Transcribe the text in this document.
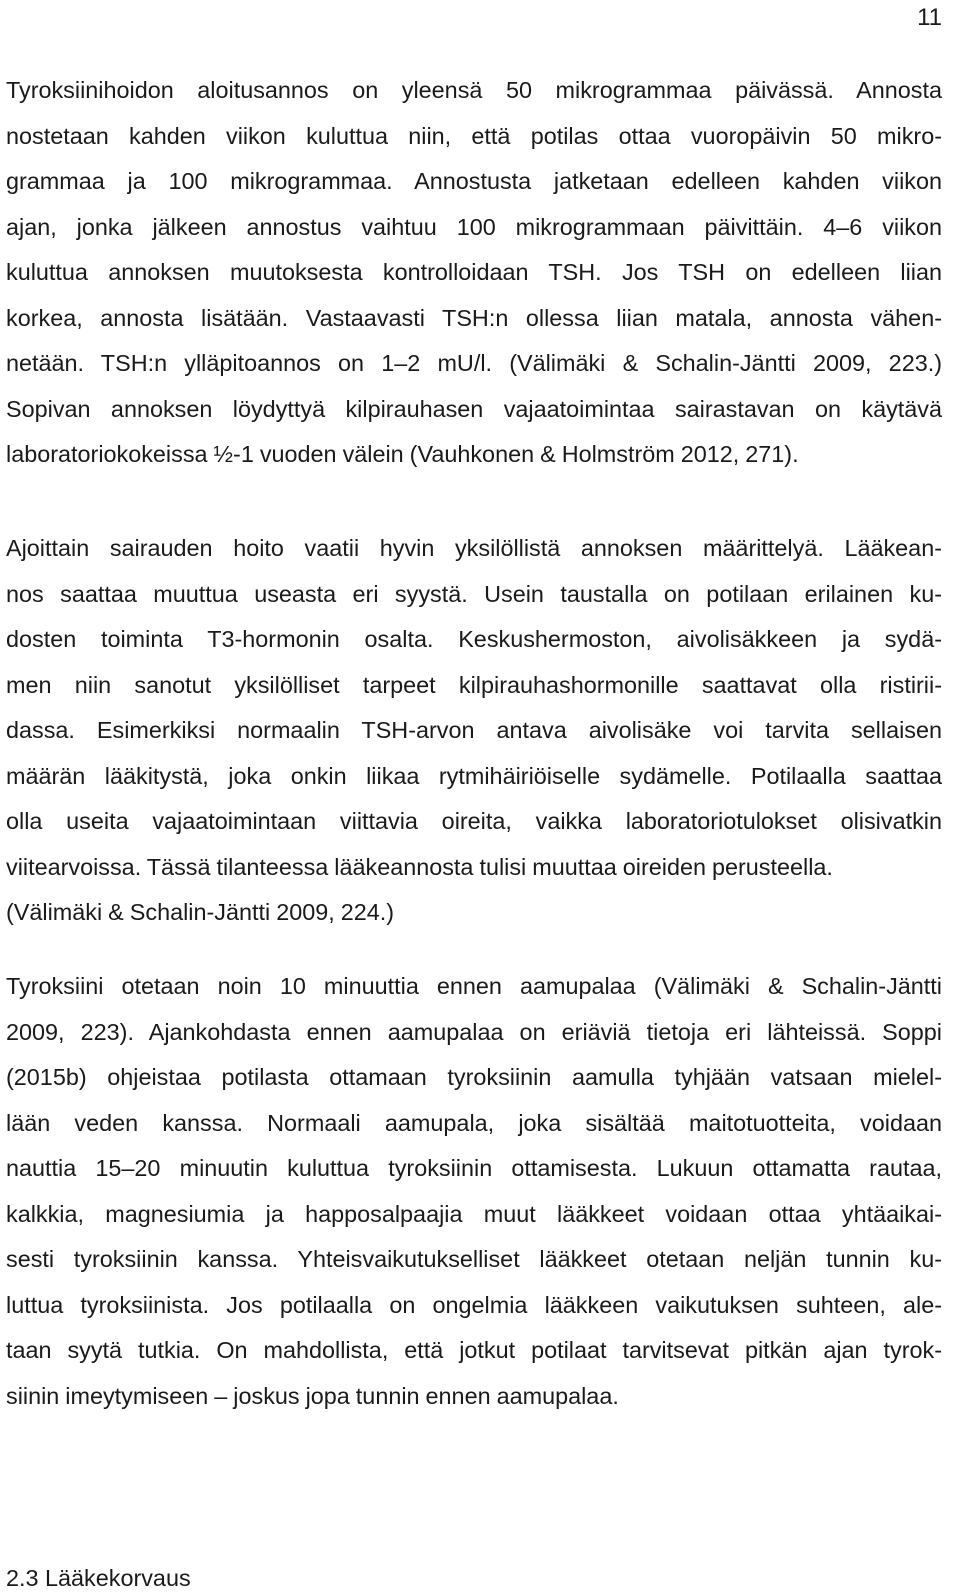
11
Tyroksiinihoidon aloitusannos on yleensä 50 mikrogrammaa päivässä. Annosta
nostetaan kahden viikon kuluttua niin, että potilas ottaa vuoropäivin 50 mikro-
grammaa ja 100 mikrogrammaa. Annostusta jatketaan edelleen kahden viikon
ajan, jonka jälkeen annostus vaihtuu 100 mikrogrammaan päivittäin. 4–6 viikon
kuluttua annoksen muutoksesta kontrolloidaan TSH. Jos TSH on edelleen liian
korkea, annosta lisätään. Vastaavasti TSH:n ollessa liian matala, annosta vähen-
netään. TSH:n ylläpitoannos on 1–2 mU/l. (Välimäki & Schalin-Jäntti 2009, 223.)
Sopivan annoksen löydyttyä kilpirauhasen vajaatoimintaa sairastavan on käytävä
laboratoriokokeissa ½-1 vuoden välein (Vauhkonen & Holmström 2012, 271).
Ajoittain sairauden hoito vaatii hyvin yksilöllistä annoksen määrittelyä. Lääkean-
nos saattaa muuttua useasta eri syystä. Usein taustalla on potilaan erilainen ku-
dosten toiminta T3-hormonin osalta. Keskushermoston, aivolisäkkeen ja sydä-
men niin sanotut yksilölliset tarpeet kilpirauhashormonille saattavat olla ristirii-
dassa. Esimerkiksi normaalin TSH-arvon antava aivolisäke voi tarvita sellaisen
määrän lääkitystä, joka onkin liikaa rytmihäiriöiselle sydämelle. Potilaalla saattaa
olla useita vajaatoimintaan viittavia oireita, vaikka laboratoriotulokset olisivatkin
viitearvoissa. Tässä tilanteessa lääkeannosta tulisi muuttaa oireiden perusteella.
(Välimäki & Schalin-Jäntti 2009, 224.)
Tyroksiini otetaan noin 10 minuuttia ennen aamupalaa (Välimäki & Schalin-Jäntti
2009, 223). Ajankohdasta ennen aamupalaa on eriäviä tietoja eri lähteissä. Soppi
(2015b) ohjeistaa potilasta ottamaan tyroksiinin aamulla tyhjään vatsaan mielel-
lään veden kanssa. Normaali aamupala, joka sisältää maitotuotteita, voidaan
nauttia 15–20 minuutin kuluttua tyroksiinin ottamisesta. Lukuun ottamatta rautaa,
kalkkia, magnesiumia ja happosalpaajia muut lääkkeet voidaan ottaa yhtäaikai-
sesti tyroksiinin kanssa. Yhteisvaikutukselliset lääkkeet otetaan neljän tunnin ku-
luttua tyroksiinista. Jos potilaalla on ongelmia lääkkeen vaikutuksen suhteen, ale-
taan syytä tutkia. On mahdollista, että jotkut potilaat tarvitsevat pitkän ajan tyrok-
siinin imeytymiseen – joskus jopa tunnin ennen aamupalaa.
2.3 Lääkekorvaus
